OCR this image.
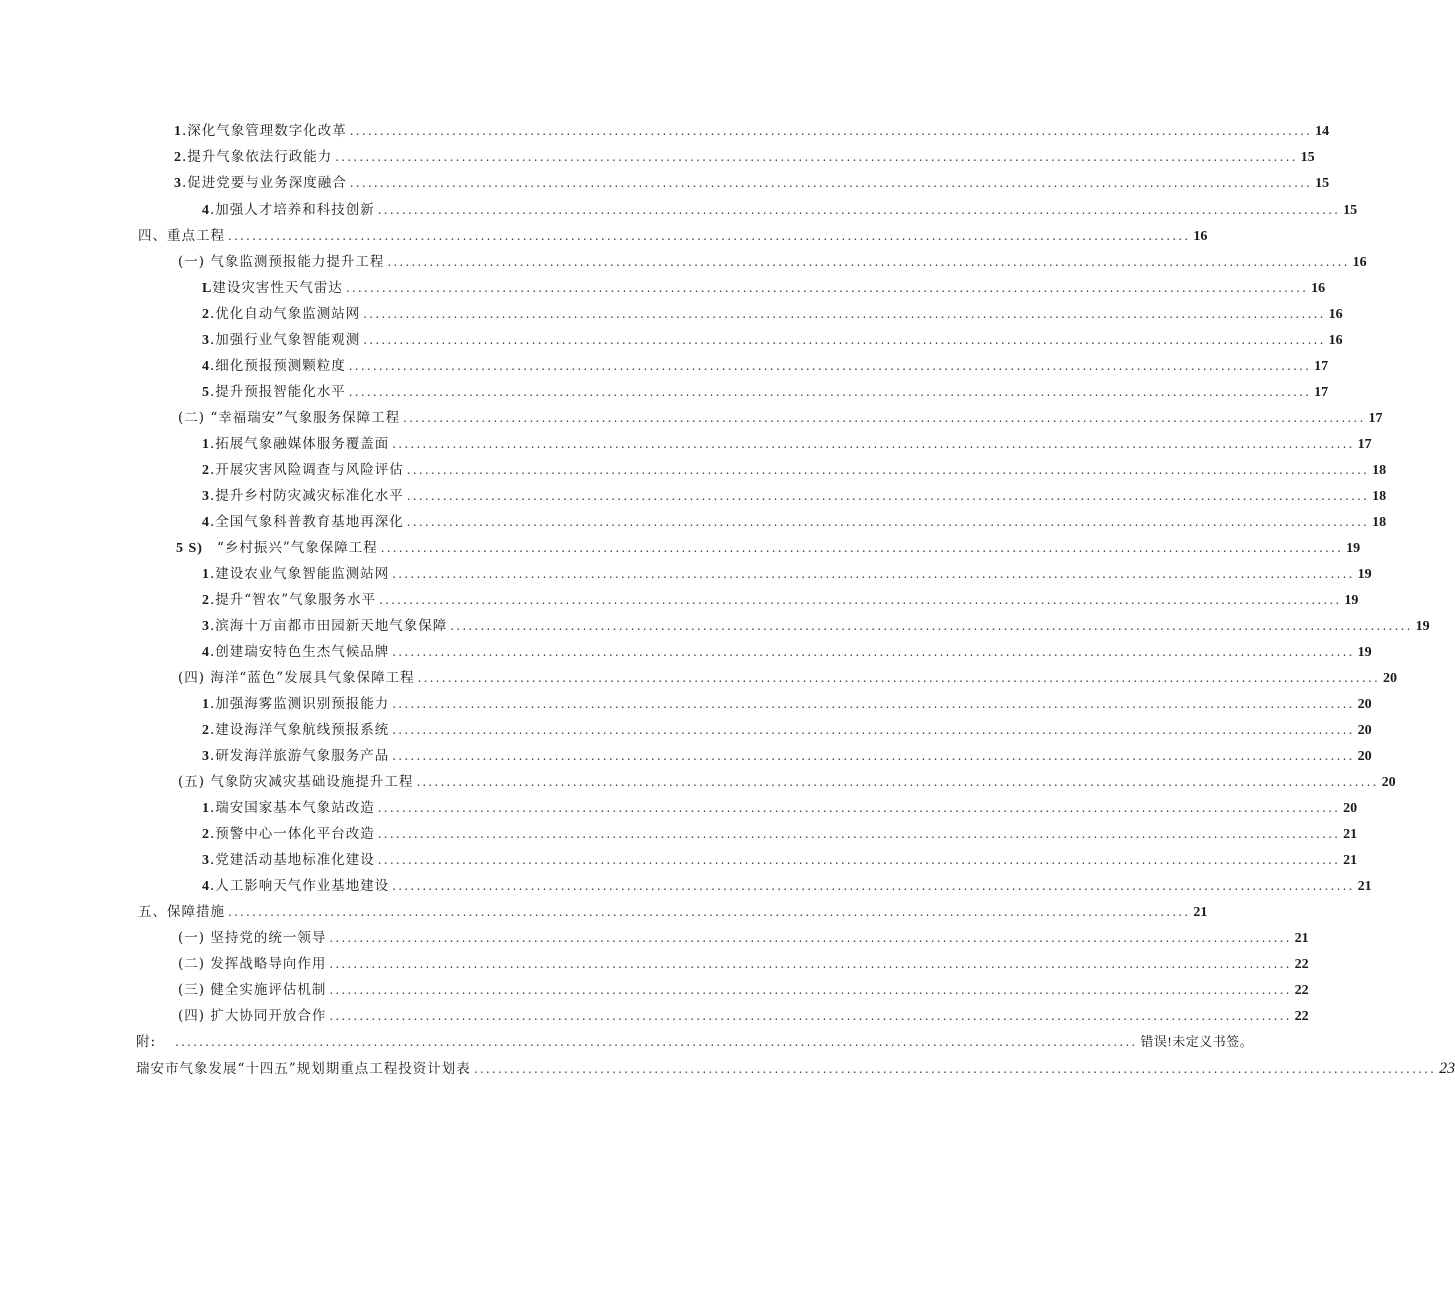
1 .深化气象管理数字化改革 ................................................................................................................................................................ 14
2 .提升气象依法行政能力 ................................................................................................................................................................ 15
3 .促进党要与业务深度融合 ................................................................................................................................................................ 15
4 .加强人才培养和科技创新 ................................................................................................................................................................ 15
四、重点工程 ................................................................................................................................................................ 16
(一) 气象监测预报能力提升工程 ................................................................................................................................................................ 16
L 建设灾害性天气雷达 ................................................................................................................................................................ 16
2 .优化自动气象监测站网 ................................................................................................................................................................ 16
3 .加强行业气象智能观测 ................................................................................................................................................................ 16
4 .细化预报预测颗粒度 ................................................................................................................................................................ 17
5 .提升预报智能化水平 ................................................................................................................................................................ 17
(二) “幸福瑞安”气象服务保障工程 ................................................................................................................................................................ 17
1 .拓展气象融媒体服务覆盖面 ................................................................................................................................................................ 17
2 .开展灾害风险调查与风险评估 ................................................................................................................................................................ 18
3 .提升乡村防灾减灾标准化水平 ................................................................................................................................................................ 18
4 .全国气象科普教育基地再深化 ................................................................................................................................................................ 18
5 S) “乡村振兴”气象保障工程 ................................................................................................................................................................ 19
1 .建设农业气象智能监测站网 ................................................................................................................................................................ 19
2 .提升“智农”气象服务水平 ................................................................................................................................................................ 19
3 .滨海十万亩都市田园新天地气象保障 ................................................................................................................................................................ 19
4 .创建瑞安特色生杰气候品牌 ................................................................................................................................................................ 19
(四) 海洋“蓝色”发展具气象保障工程 ................................................................................................................................................................ 20
1 .加强海雾监测识别预报能力 ................................................................................................................................................................ 20
2 .建设海洋气象航线预报系统 ................................................................................................................................................................ 20
3 .研发海洋旅游气象服务产品 ................................................................................................................................................................ 20
(五) 气象防灾减灾基础设施提升工程 ................................................................................................................................................................ 20
1 .瑞安国家基本气象站改造 ................................................................................................................................................................ 20
2 .预警中心一体化平台改造 ................................................................................................................................................................ 21
3 .党建活动基地标准化建设 ................................................................................................................................................................ 21
4 .人工影响天气作业基地建设 ................................................................................................................................................................ 21
五、保障措施 ................................................................................................................................................................ 21
(一) 坚持党的统一领导 ................................................................................................................................................................ 21
(二) 发挥战略导向作用 ................................................................................................................................................................ 22
(三) 健全实施评估机制 ................................................................................................................................................................ 22
(四) 扩大协同开放合作 ................................................................................................................................................................ 22
附: ................................................................................................................................................................ 错误!未定义书签。
瑞安市气象发展“十四五”规划期重点工程投资计划表 ................................................................................................................................................................ 23
